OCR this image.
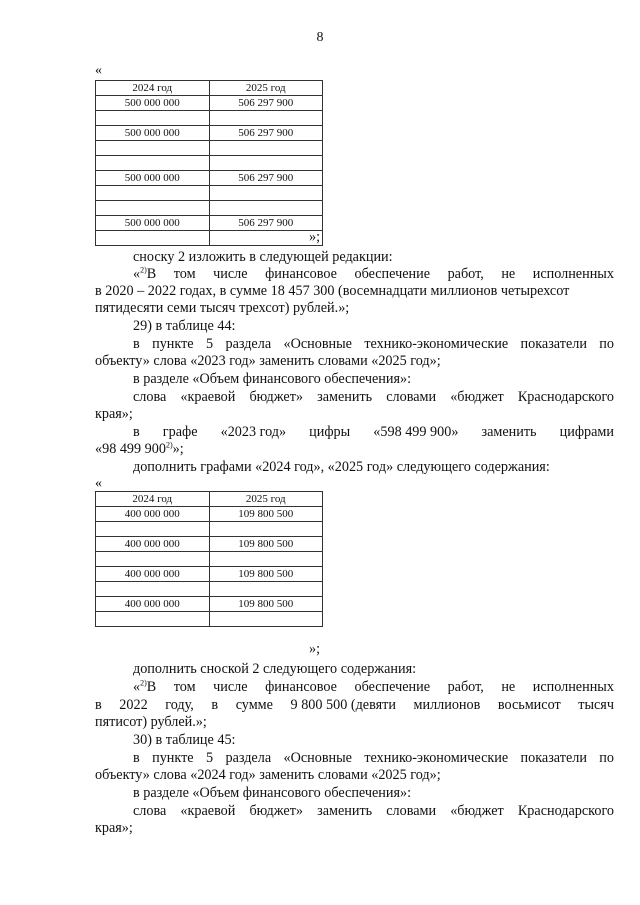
8
«
2024 год	2025 год
500 000 000	506 297 900

500 000 000	506 297 900

500 000 000	506 297 900

500 000 000	506 297 900

»;
сноску 2 изложить в следующей редакции:
«$^{2)}$В том числе финансовое обеспечение работ, не исполненных
в 2020 – 2022 годах, в сумме 18 457 300 (восемнадцати миллионов четырехсот
пятидесяти семи тысяч трехсот) рублей.»;
29) в таблице 44:
в пункте 5 раздела «Основные технико-экономические показатели по
объекту» слова «2023 год» заменить словами «2025 год»;
в разделе «Объем финансового обеспечения»:
слова «краевой бюджет» заменить словами «бюджет Краснодарского
края»;
в графе «2023 год» цифры «598 499 900» заменить цифрами
«98 499 900$^{2)}$»;
дополнить графами «2024 год», «2025 год» следующего содержания:
«
2024 год	2025 год
400 000 000	109 800 500

400 000 000	109 800 500

400 000 000	109 800 500

400 000 000	109 800 500

»;
дополнить сноской 2 следующего содержания:
«$^{2)}$В том числе финансовое обеспечение работ, не исполненных
в 2022 году, в сумме 9 800 500 (девяти миллионов восьмисот тысяч
пятисот) рублей.»;
30) в таблице 45:
в пункте 5 раздела «Основные технико-экономические показатели по
объекту» слова «2024 год» заменить словами «2025 год»;
в разделе «Объем финансового обеспечения»:
слова «краевой бюджет» заменить словами «бюджет Краснодарского
края»;
